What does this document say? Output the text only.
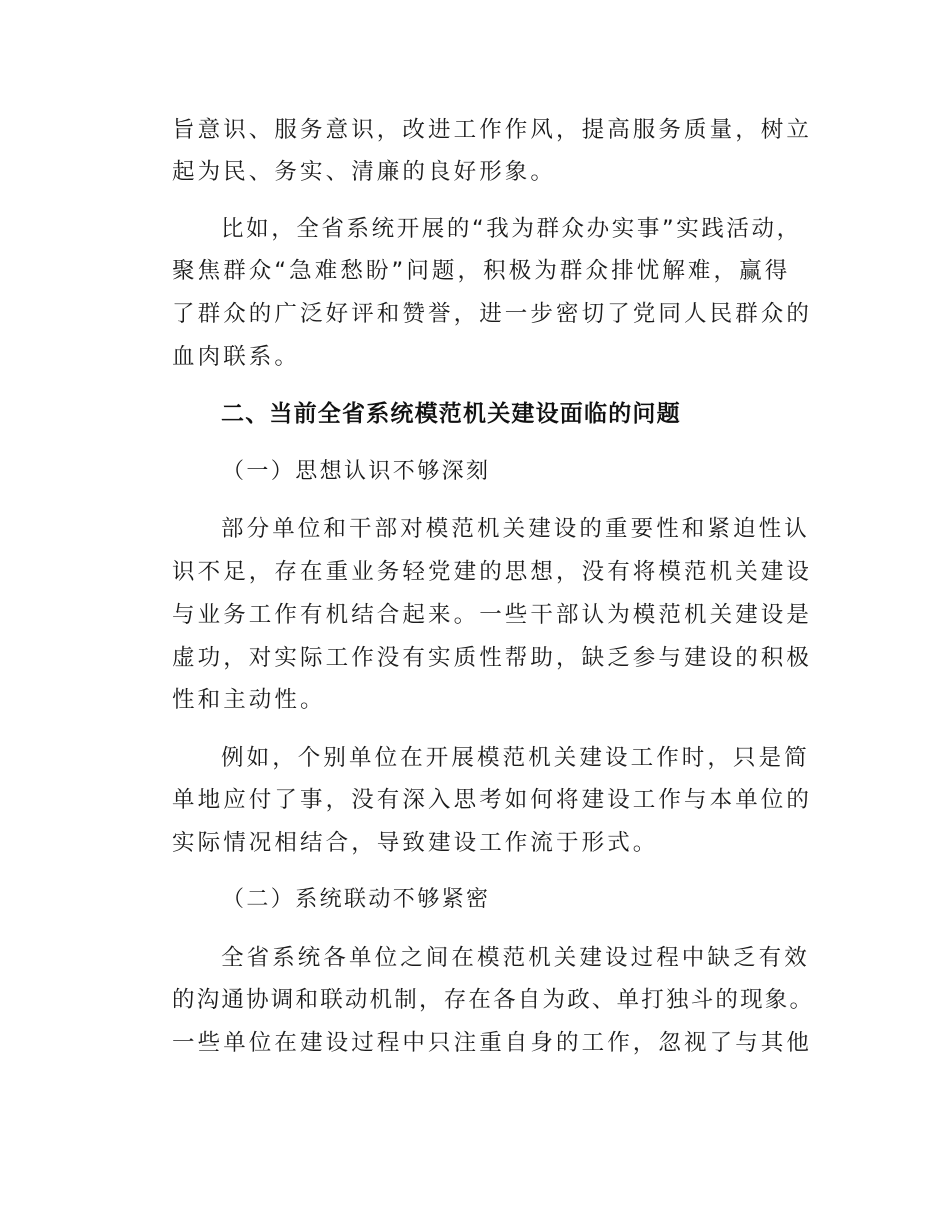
旨意识、服务意识，改进工作作风，提高服务质量，树立
起为民、务实、清廉的良好形象。
比如，全省系统开展的“我为群众办实事”实践活动，
聚焦群众“急难愁盼”问题，积极为群众排忧解难，赢得
了群众的广泛好评和赞誉，进一步密切了党同人民群众的
血肉联系。
二、当前全省系统模范机关建设面临的问题
（一）思想认识不够深刻
部分单位和干部对模范机关建设的重要性和紧迫性认
识不足，存在重业务轻党建的思想，没有将模范机关建设
与业务工作有机结合起来。一些干部认为模范机关建设是
虚功，对实际工作没有实质性帮助，缺乏参与建设的积极
性和主动性。
例如，个别单位在开展模范机关建设工作时，只是简
单地应付了事，没有深入思考如何将建设工作与本单位的
实际情况相结合，导致建设工作流于形式。
（二）系统联动不够紧密
全省系统各单位之间在模范机关建设过程中缺乏有效
的沟通协调和联动机制，存在各自为政、单打独斗的现象。
一些单位在建设过程中只注重自身的工作，忽视了与其他
